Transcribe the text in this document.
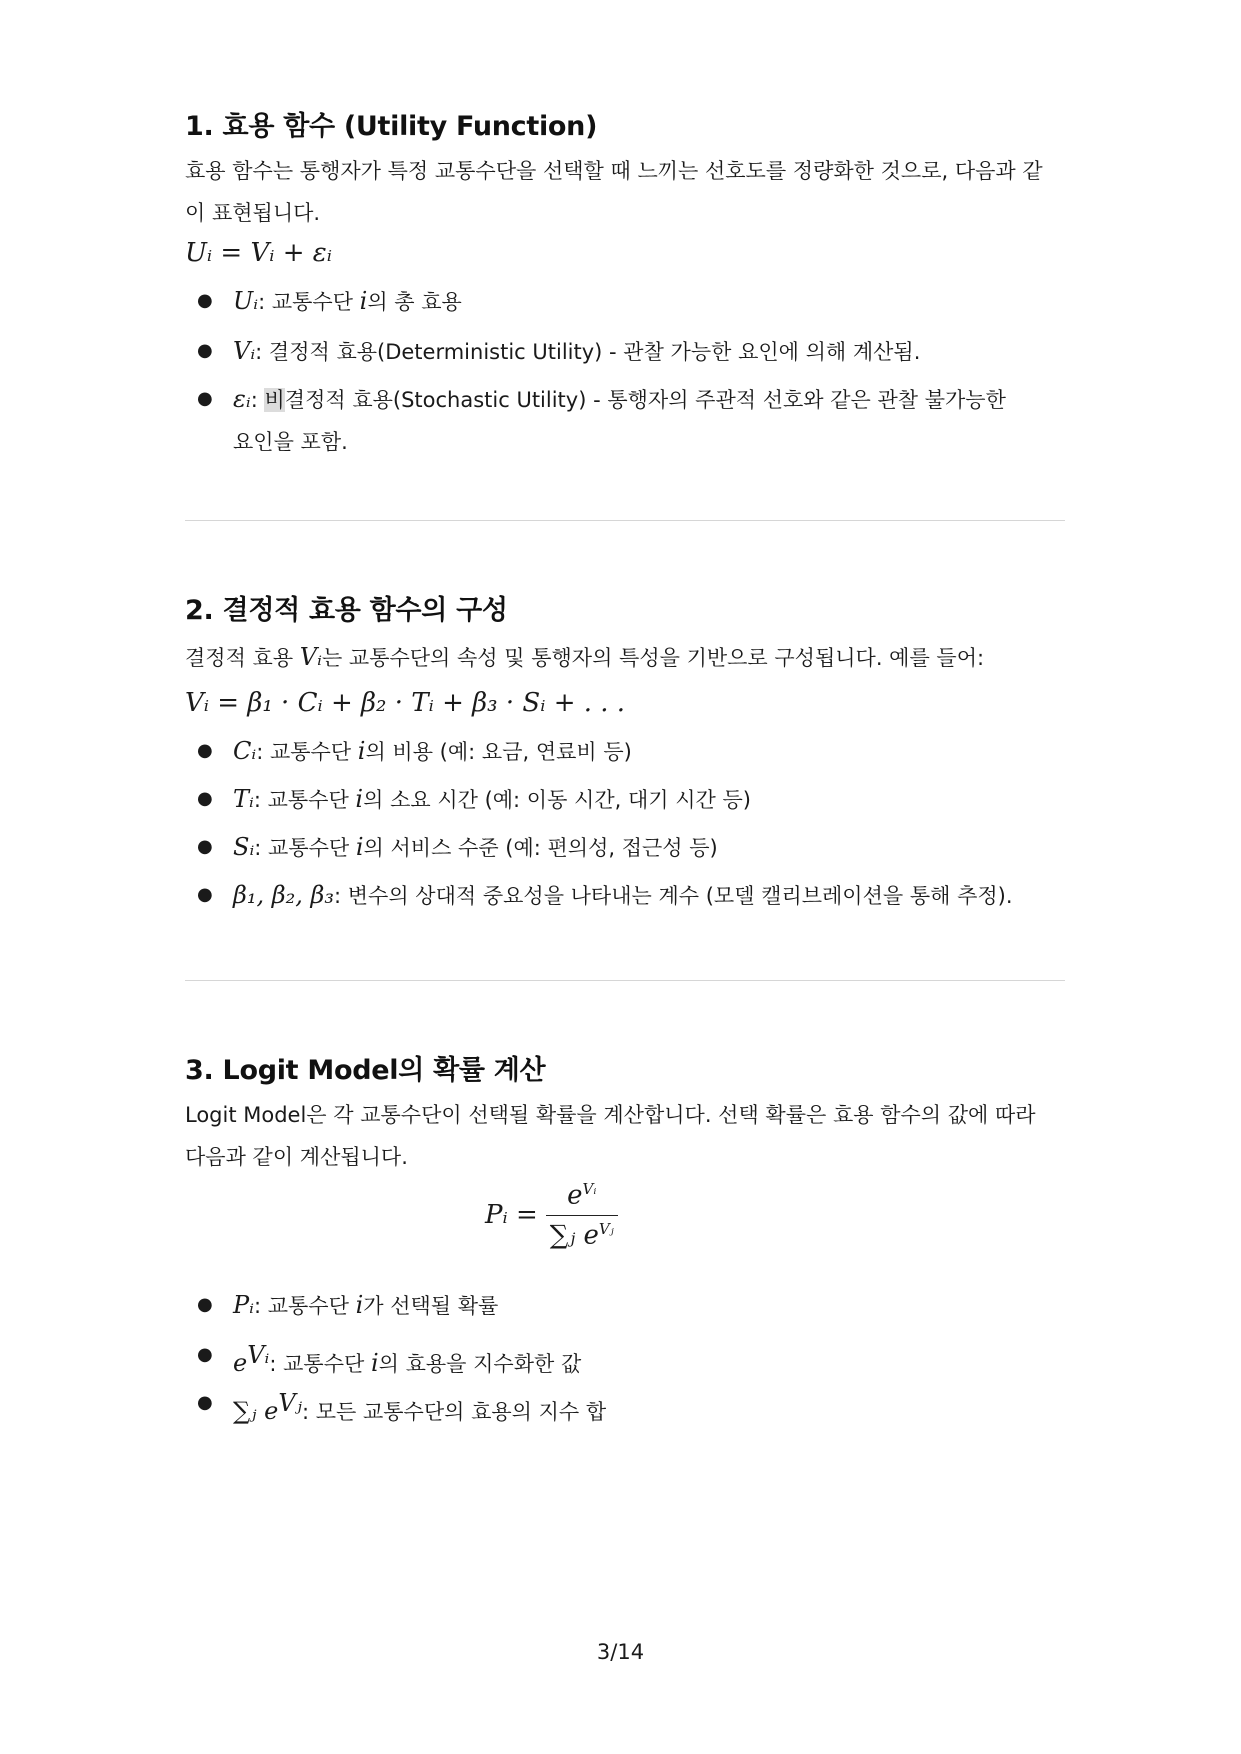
1. 효용 함수 (Utility Function)
효용 함수는 통행자가 특정 교통수단을 선택할 때 느끼는 선호도를 정량화한 것으로, 다음과 같
이 표현됩니다.
Uᵢ = Vᵢ + εᵢ
● Uᵢ: 교통수단 i의 총 효용
● Vᵢ: 결정적 효용(Deterministic Utility) - 관찰 가능한 요인에 의해 계산됨.
● εᵢ: 비결정적 효용(Stochastic Utility) - 통행자의 주관적 선호와 같은 관찰 불가능한
요인을 포함.
2. 결정적 효용 함수의 구성
결정적 효용 Vᵢ는 교통수단의 속성 및 통행자의 특성을 기반으로 구성됩니다. 예를 들어:
Vᵢ = β₁ · Cᵢ + β₂ · Tᵢ + β₃ · Sᵢ + . . .
● Cᵢ: 교통수단 i의 비용 (예: 요금, 연료비 등)
● Tᵢ: 교통수단 i의 소요 시간 (예: 이동 시간, 대기 시간 등)
● Sᵢ: 교통수단 i의 서비스 수준 (예: 편의성, 접근성 등)
● β₁, β₂, β₃: 변수의 상대적 중요성을 나타내는 계수 (모델 캘리브레이션을 통해 추정).
3. Logit Model의 확률 계산
Logit Model은 각 교통수단이 선택될 확률을 계산합니다. 선택 확률은 효용 함수의 값에 따라
다음과 같이 계산됩니다.
Pᵢ = $\frac{e^{Vᵢ}}{\sum ⱼ e^{Vⱼ}}$
● Pᵢ: 교통수단 i가 선택될 확률
● $e^{Vᵢ}$: 교통수단 i의 효용을 지수화한 값
● ∑ⱼ $e^{Vⱼ}$: 모든 교통수단의 효용의 지수 합
3/14
